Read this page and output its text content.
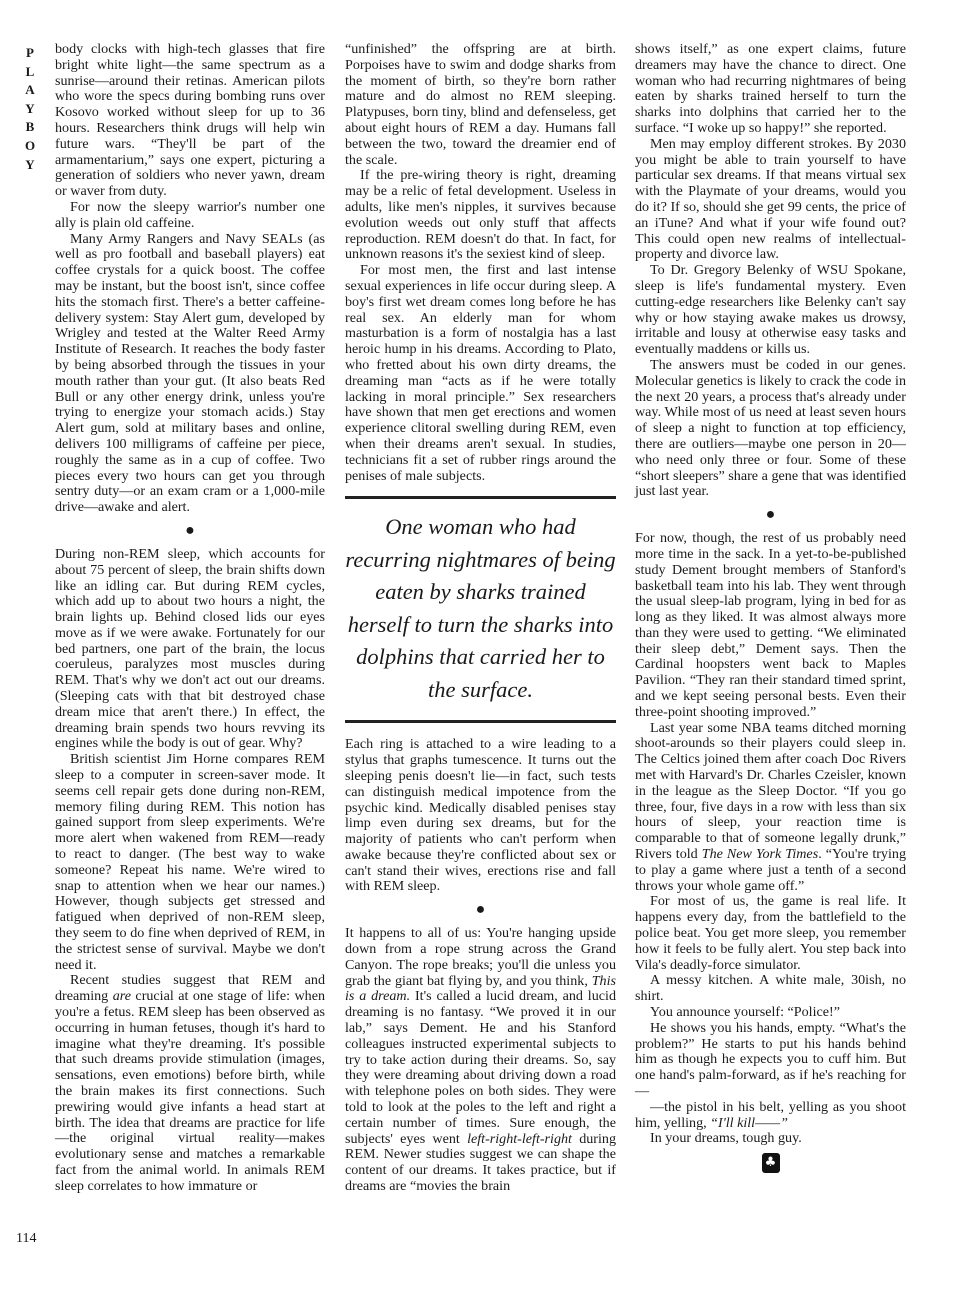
P
L
A
Y
B
O
Y
114

body clocks with high-tech glasses that fire bright white light—the same spectrum as a sunrise—around their retinas. American pilots who wore the specs during bombing runs over Kosovo worked without sleep for up to 36 hours. Researchers think drugs will help win future wars. “They'll be part of the armamentarium,” says one expert, picturing a generation of soldiers who never yawn, dream or waver from duty.

For now the sleepy warrior's number one ally is plain old caffeine.

Many Army Rangers and Navy SEALs (as well as pro football and baseball players) eat coffee crystals for a quick boost. The coffee may be instant, but the boost isn't, since coffee hits the stomach first. There's a better caffeine-delivery system: Stay Alert gum, developed by Wrigley and tested at the Walter Reed Army Institute of Research. It reaches the body faster by being absorbed through the tissues in your mouth rather than your gut. (It also beats Red Bull or any other energy drink, unless you're trying to energize your stomach acids.) Stay Alert gum, sold at military bases and online, delivers 100 milligrams of caffeine per piece, roughly the same as in a cup of coffee. Two pieces every two hours can get you through sentry duty—or an exam cram or a 1,000-mile drive—awake and alert.

●

During non-REM sleep, which accounts for about 75 percent of sleep, the brain shifts down like an idling car. But during REM cycles, which add up to about two hours a night, the brain lights up. Behind closed lids our eyes move as if we were awake. Fortunately for our bed partners, one part of the brain, the locus coeruleus, paralyzes most muscles during REM. That's why we don't act out our dreams. (Sleeping cats with that bit destroyed chase dream mice that aren't there.) In effect, the dreaming brain spends two hours revving its engines while the body is out of gear. Why?

British scientist Jim Horne compares REM sleep to a computer in screen-saver mode. It seems cell repair gets done during non-REM, memory filing during REM. This notion has gained support from sleep experiments. We're more alert when wakened from REM—ready to react to danger. (The best way to wake someone? Repeat his name. We're wired to snap to attention when we hear our names.) However, though subjects get stressed and fatigued when deprived of non-REM sleep, they seem to do fine when deprived of REM, in the strictest sense of survival. Maybe we don't need it.

Recent studies suggest that REM and dreaming are crucial at one stage of life: when you're a fetus. REM sleep has been observed as occurring in human fetuses, though it's hard to imagine what they're dreaming. It's possible that such dreams provide stimulation (images, sensations, even emotions) before birth, while the brain makes its first connections. Such prewiring would give infants a head start at birth. The idea that dreams are practice for life—the original virtual reality—makes evolutionary sense and matches a remarkable fact from the animal world. In animals REM sleep correlates to how immature or

“unfinished” the offspring are at birth. Porpoises have to swim and dodge sharks from the moment of birth, so they're born rather mature and do almost no REM sleeping. Platypuses, born tiny, blind and defenseless, get about eight hours of REM a day. Humans fall between the two, toward the dreamier end of the scale.

If the pre-wiring theory is right, dreaming may be a relic of fetal development. Useless in adults, like men's nipples, it survives because evolution weeds out only stuff that affects reproduction. REM doesn't do that. In fact, for unknown reasons it's the sexiest kind of sleep.

For most men, the first and last intense sexual experiences in life occur during sleep. A boy's first wet dream comes long before he has real sex. An elderly man for whom masturbation is a form of nostalgia has a last heroic hump in his dreams. According to Plato, who fretted about his own dirty dreams, the dreaming man “acts as if he were totally lacking in moral principle.” Sex researchers have shown that men get erections and women experience clitoral swelling during REM, even when their dreams aren't sexual. In studies, technicians fit a set of rubber rings around the penises of male subjects.

One woman who had recurring nightmares of being eaten by sharks trained herself to turn the sharks into dolphins that carried her to the surface.

Each ring is attached to a wire leading to a stylus that graphs tumescence. It turns out the sleeping penis doesn't lie—in fact, such tests can distinguish medical impotence from the psychic kind. Medically disabled penises stay limp even during sex dreams, but for the majority of patients who can't perform when awake because they're conflicted about sex or can't stand their wives, erections rise and fall with REM sleep.

●

It happens to all of us: You're hanging upside down from a rope strung across the Grand Canyon. The rope breaks; you'll die unless you grab the giant bat flying by, and you think, This is a dream. It's called a lucid dream, and lucid dreaming is no fantasy. “We proved it in our lab,” says Dement. He and his Stanford colleagues instructed experimental subjects to try to take action during their dreams. So, say they were dreaming about driving down a road with telephone poles on both sides. They were told to look at the poles to the left and right a certain number of times. Sure enough, the subjects' eyes went left-right-left-right during REM. Newer studies suggest we can shape the content of our dreams. It takes practice, but if dreams are “movies the brain

shows itself,” as one expert claims, future dreamers may have the chance to direct. One woman who had recurring nightmares of being eaten by sharks trained herself to turn the sharks into dolphins that carried her to the surface. “I woke up so happy!” she reported.

Men may employ different strokes. By 2030 you might be able to train yourself to have particular sex dreams. If that means virtual sex with the Playmate of your dreams, would you do it? If so, should she get 99 cents, the price of an iTune? And what if your wife found out? This could open new realms of intellectual-property and divorce law.

To Dr. Gregory Belenky of WSU Spokane, sleep is life's fundamental mystery. Even cutting-edge researchers like Belenky can't say why or how staying awake makes us drowsy, irritable and lousy at otherwise easy tasks and eventually maddens or kills us.

The answers must be coded in our genes. Molecular genetics is likely to crack the code in the next 20 years, a process that's already under way. While most of us need at least seven hours of sleep a night to function at top efficiency, there are outliers—maybe one person in 20—who need only three or four. Some of these “short sleepers” share a gene that was identified just last year.

●

For now, though, the rest of us probably need more time in the sack. In a yet-to-be-published study Dement brought members of Stanford's basketball team into his lab. They went through the usual sleep-lab program, lying in bed for as long as they liked. It was almost always more than they were used to getting. “We eliminated their sleep debt,” Dement says. Then the Cardinal hoopsters went back to Maples Pavilion. “They ran their standard timed sprint, and we kept seeing personal bests. Even their three-point shooting improved.”

Last year some NBA teams ditched morning shoot-arounds so their players could sleep in. The Celtics joined them after coach Doc Rivers met with Harvard's Dr. Charles Czeisler, known in the league as the Sleep Doctor. “If you go three, four, five days in a row with less than six hours of sleep, your reaction time is comparable to that of someone legally drunk,” Rivers told The New York Times. “You're trying to play a game where just a tenth of a second throws your whole game off.”

For most of us, the game is real life. It happens every day, from the battlefield to the police beat. You get more sleep, you remember how it feels to be fully alert. You step back into Vila's deadly-force simulator.

A messy kitchen. A white male, 30ish, no shirt.

You announce yourself: “Police!”

He shows you his hands, empty. “What's the problem?” He starts to put his hands behind him as though he expects you to cuff him. But one hand's palm-forward, as if he's reaching for—

—the pistol in his belt, yelling as you shoot him, yelling, “I'll kill——”

In your dreams, tough guy.

♣
